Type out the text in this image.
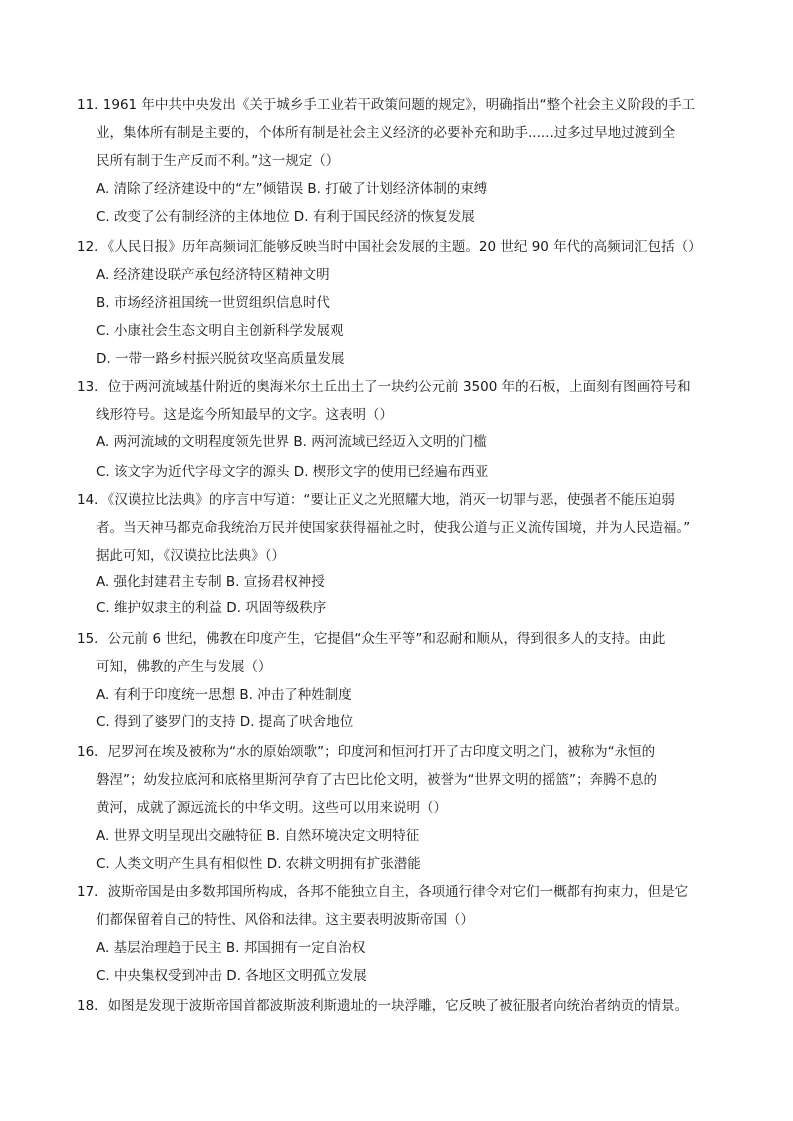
11. 1961 年中共中央发出《关于城乡手工业若干政策问题的规定》，明确指出“整个社会主义阶段的手工
业，集体所有制是主要的，个体所有制是社会主义经济的必要补充和助手......过多过早地过渡到全
民所有制于生产反而不利。”这一规定（）
A. 清除了经济建设中的“左”倾错误 B. 打破了计划经济体制的束缚
C. 改变了公有制经济的主体地位 D. 有利于国民经济的恢复发展
12．《人民日报》历年高频词汇能够反映当时中国社会发展的主题。20 世纪 90 年代的高频词汇包括（）
A. 经济建设联产承包经济特区精神文明
B. 市场经济祖国统一世贸组织信息时代
C. 小康社会生态文明自主创新科学发展观
D. 一带一路乡村振兴脱贫攻坚高质量发展
13．位于两河流域基什附近的奥海米尔土丘出土了一块约公元前 3500 年的石板，上面刻有图画符号和
线形符号。这是迄今所知最早的文字。这表明（）
A. 两河流域的文明程度领先世界 B. 两河流域已经迈入文明的门槛
C. 该文字为近代字母文字的源头 D. 楔形文字的使用已经遍布西亚
14．《汉谟拉比法典》的序言中写道：“要让正义之光照耀大地，消灭一切罪与恶，使强者不能压迫弱
者。当天神马都克命我统治万民并使国家获得福祉之时，使我公道与正义流传国境，并为人民造福。”
据此可知，《汉谟拉比法典》（）
A. 强化封建君主专制 B. 宣扬君权神授
C. 维护奴隶主的利益 D. 巩固等级秩序
15．公元前 6 世纪，佛教在印度产生，它提倡“众生平等”和忍耐和顺从，得到很多人的支持。由此
可知，佛教的产生与发展（）
A. 有利于印度统一思想 B. 冲击了种姓制度
C. 得到了婆罗门的支持 D. 提高了吠舍地位
16．尼罗河在埃及被称为“水的原始颂歌”；印度河和恒河打开了古印度文明之门，被称为“永恒的
磐涅”；幼发拉底河和底格里斯河孕育了古巴比伦文明，被誉为“世界文明的摇篮”；奔腾不息的
黄河，成就了源远流长的中华文明。这些可以用来说明（）
A. 世界文明呈现出交融特征 B. 自然环境决定文明特征
C. 人类文明产生具有相似性 D. 农耕文明拥有扩张潜能
17．波斯帝国是由多数邦国所构成，各邦不能独立自主，各项通行律令对它们一概都有拘束力，但是它
们都保留着自己的特性、风俗和法律。这主要表明波斯帝国（）
A. 基层治理趋于民主 B. 邦国拥有一定自治权
C. 中央集权受到冲击 D. 各地区文明孤立发展
18．如图是发现于波斯帝国首都波斯波利斯遗址的一块浮雕，它反映了被征服者向统治者纳贡的情景。
